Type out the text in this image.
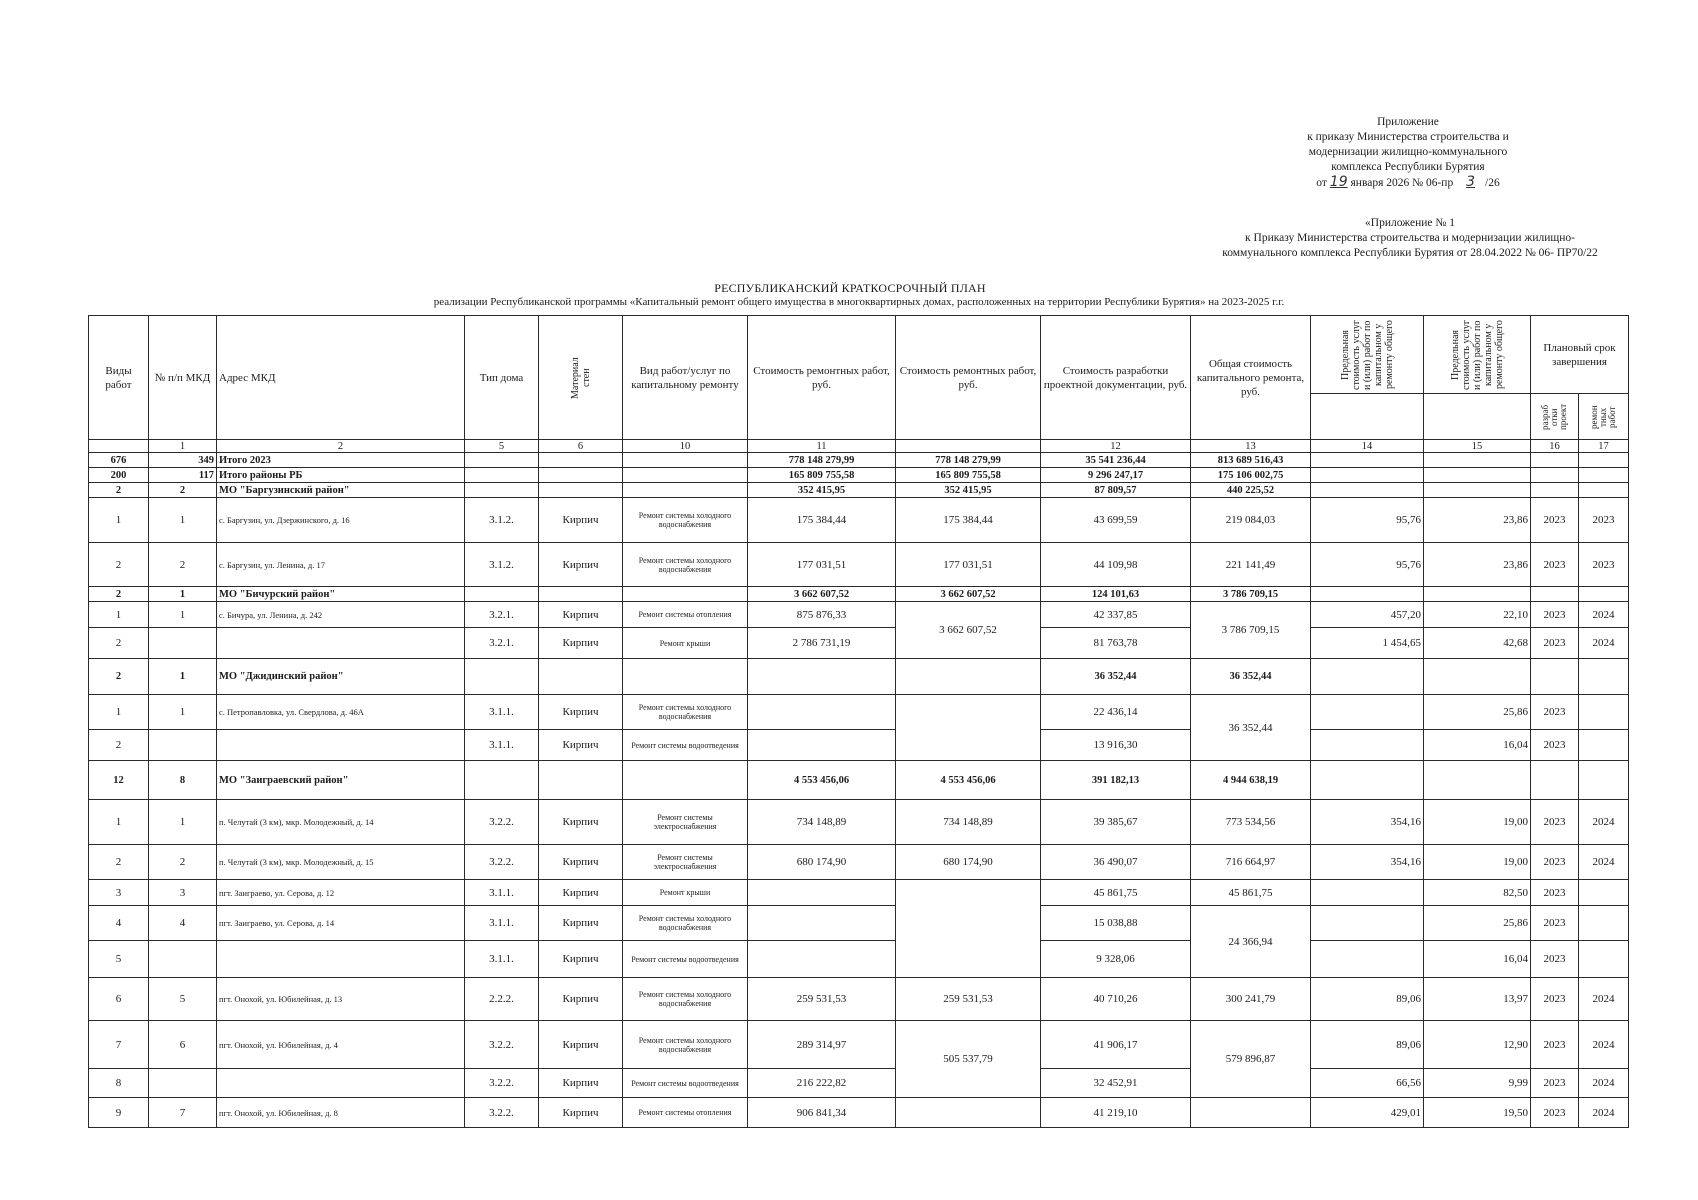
Приложение
к приказу Министерства строительства и
модернизации жилищно-коммунального
комплекса Республики Бурятия
от 19 января 2026 № 06-пр 3 /26
«Приложение № 1
к Приказу Министерства строительства и модернизации жилищно-
коммунального комплекса Республики Бурятия от 28.04.2022 № 06- ПР70/22
РЕСПУБЛИКАНСКИЙ КРАТКОСРОЧНЫЙ ПЛАН
реализации Республиканской программы «Капитальный ремонт общего имущества в многоквартирных домах, расположенных на территории Республики Бурятия» на 2023-2025 г.г.
Виды работ	№ п/п МКД	Адрес МКД	Тип дома	Материал стен	Вид работ/услуг по капитальному ремонту	Стоимость ремонтных работ, руб.	Стоимость ремонтных работ, руб.	Стоимость разработки проектной документации, руб.	Общая стоимость капитального ремонта, руб.	Предельная стоимость услуг и (или) работ по капитальном у ремонту общего	Предельная стоимость услуг и (или) работ по капитальном у ремонту общего	Плановый срок завершения	

												разраб отки проект	ремон тных работ

	1	2	5	6	10	11		12	13	14	15	16	17
676	349	Итого 2023				778 148 279,99	778 148 279,99	35 541 236,44	813 689 516,43				
200	117	Итого районы РБ				165 809 755,58	165 809 755,58	9 296 247,17	175 106 002,75				
2	2	МО "Баргузинский район"				352 415,95	352 415,95	87 809,57	440 225,52				
1	1	с. Баргузин, ул. Дзержинского, д. 16	3.1.2.	Кирпич	Ремонт системы холодного водоснабжения	175 384,44	175 384,44	43 699,59	219 084,03	95,76	23,86	2023	2023
2	2	с. Баргузин, ул. Ленина, д. 17	3.1.2.	Кирпич	Ремонт системы холодного водоснабжения	177 031,51	177 031,51	44 109,98	221 141,49	95,76	23,86	2023	2023
2	1	МО "Бичурский район"				3 662 607,52	3 662 607,52	124 101,63	3 786 709,15				
1	1	с. Бичура, ул. Ленина, д. 242	3.2.1.	Кирпич	Ремонт системы отопления	875 876,33	3 662 607,52	42 337,85	3 786 709,15	457,20	22,10	2023	2024
2			3.2.1.	Кирпич	Ремонт крыши	2 786 731,19		81 763,78		1 454,65	42,68	2023	2024
2	1	МО "Джидинский район"						36 352,44	36 352,44				
1	1	с. Петропавловка, ул. Свердлова, д. 46А	3.1.1.	Кирпич	Ремонт системы холодного водоснабжения			22 436,14	36 352,44		25,86	2023	
2			3.1.1.	Кирпич	Ремонт системы водоотведения			13 916,30			16,04	2023	
12	8	МО "Заиграевский район"				4 553 456,06	4 553 456,06	391 182,13	4 944 638,19				
1	1	п. Челутай (3 км), мкр. Молодежный, д. 14	3.2.2.	Кирпич	Ремонт системы электроснабжения	734 148,89	734 148,89	39 385,67	773 534,56	354,16	19,00	2023	2024
2	2	п. Челутай (3 км), мкр. Молодежный, д. 15	3.2.2.	Кирпич	Ремонт системы электроснабжения	680 174,90	680 174,90	36 490,07	716 664,97	354,16	19,00	2023	2024
3	3	пгт. Заиграево, ул. Серова, д. 12	3.1.1.	Кирпич	Ремонт крыши			45 861,75	45 861,75		82,50	2023	
4	4	пгт. Заиграево, ул. Серова, д. 14	3.1.1.	Кирпич	Ремонт системы холодного водоснабжения			15 038,88	24 366,94		25,86	2023	
5			3.1.1.	Кирпич	Ремонт системы водоотведения			9 328,06			16,04	2023	
6	5	пгт. Онохой, ул. Юбилейная, д. 13	2.2.2.	Кирпич	Ремонт системы холодного водоснабжения	259 531,53	259 531,53	40 710,26	300 241,79	89,06	13,97	2023	2024
7	6	пгт. Онохой, ул. Юбилейная, д. 4	3.2.2.	Кирпич	Ремонт системы холодного водоснабжения	289 314,97	505 537,79	41 906,17	579 896,87	89,06	12,90	2023	2024
8			3.2.2.	Кирпич	Ремонт системы водоотведения	216 222,82		32 452,91		66,56	9,99	2023	2024
9	7	пгт. Онохой, ул. Юбилейная, д. 8	3.2.2.	Кирпич	Ремонт системы отопления	906 841,34		41 219,10		429,01	19,50	2023	2024
